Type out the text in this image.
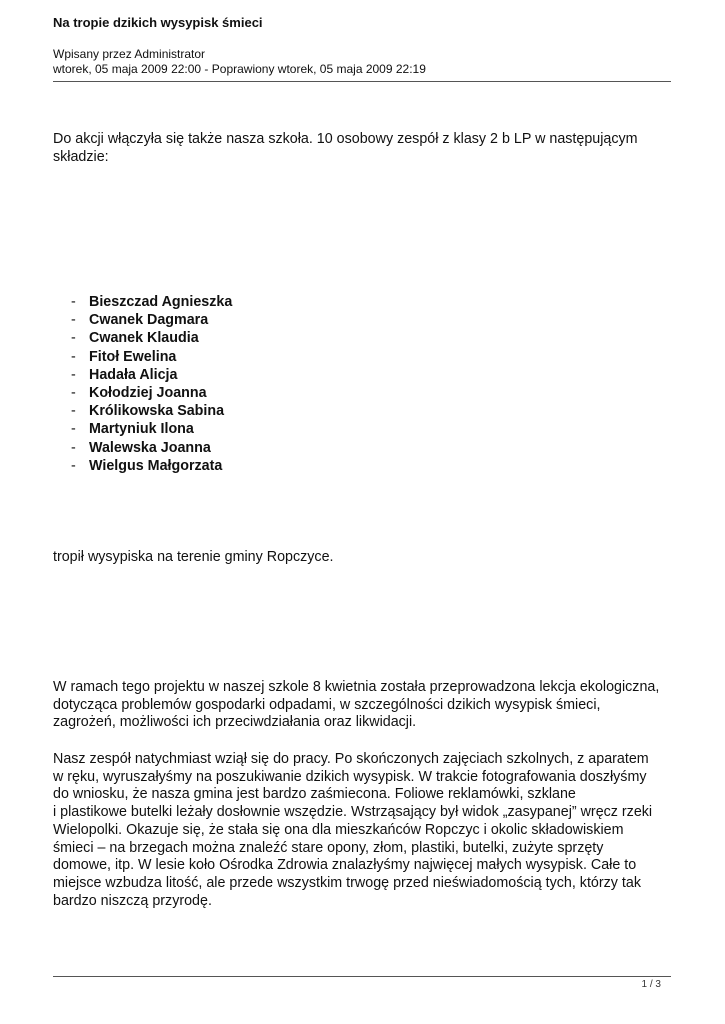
Na tropie dzikich wysypisk śmieci
Wpisany przez Administrator
wtorek, 05 maja 2009 22:00 - Poprawiony wtorek, 05 maja 2009 22:19
Do akcji włączyła się także nasza szkoła. 10 osobowy zespół z klasy 2 b LP w następującym
składzie:
- Bieszczad Agnieszka
- Cwanek Dagmara
- Cwanek Klaudia
- Fitoł Ewelina
- Hadała Alicja
- Kołodziej Joanna
- Królikowska Sabina
- Martyniuk Ilona
- Walewska Joanna
- Wielgus Małgorzata
tropił wysypiska na terenie gminy Ropczyce.
W ramach tego projektu w naszej szkole 8 kwietnia została przeprowadzona lekcja ekologiczna,
dotycząca problemów gospodarki odpadami, w szczególności dzikich wysypisk śmieci,
zagrożeń, możliwości ich przeciwdziałania oraz likwidacji.
Nasz zespół natychmiast wziął się do pracy. Po skończonych zajęciach szkolnych, z aparatem
w ręku, wyruszałyśmy na poszukiwanie dzikich wysypisk. W trakcie fotografowania doszłyśmy
do wniosku, że nasza gmina jest bardzo zaśmiecona. Foliowe reklamówki, szklane
i plastikowe butelki leżały dosłownie wszędzie. Wstrząsający był widok „zasypanej” wręcz rzeki
Wielopolki. Okazuje się, że stała się ona dla mieszkańców Ropczyc i okolic składowiskiem
śmieci – na brzegach można znaleźć stare opony, złom, plastiki, butelki, zużyte sprzęty
domowe, itp. W lesie koło Ośrodka Zdrowia znalazłyśmy najwięcej małych wysypisk. Całe to
miejsce wzbudza litość, ale przede wszystkim trwogę przed nieświadomością tych, którzy tak
bardzo niszczą przyrodę.
1 / 3
